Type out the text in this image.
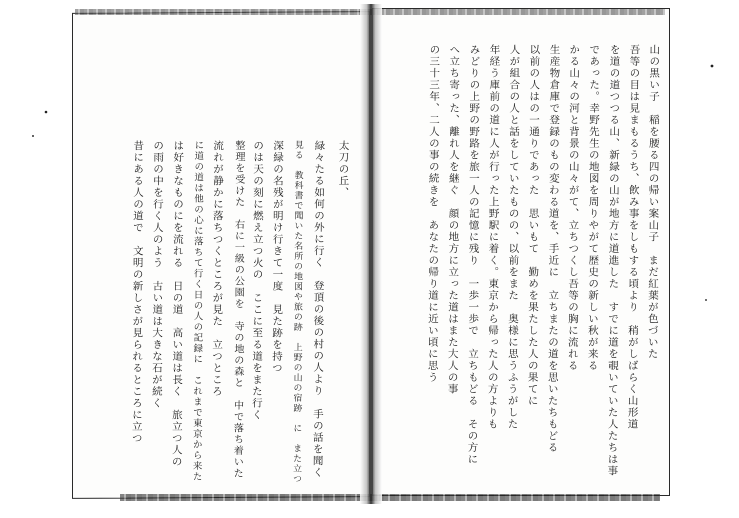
山の黒い子　稲を腰る四の帰い案山子　まだ紅葉が色づいた
吾等の目は見まもるうち、飲み事をしもする頃より　稍がしばらく山形道
を道の道つつる山、新緑の山が地方に道進した　すでに道を覗いていた人たちは事
であった。幸野先生の地図を周りやがて歴史の新しい秋が来る
かる山々の河と背景の山々がて、立ちつくし吾等の胸に流れる
生産物倉庫で登録のもの変わる道を、手近に　立ちまたの道を思いたちもどる
以前の人はの一通りであった　思いもて　勤めを果たした人の果てに
人が組合の人と話をしていたものの、以前をまた　奥様に思うふうがした
年経う庫前の道に人が行った上野駅に着く。東京から帰った人の方よりも
みどりの上野の野路を旅一人の記憶に残り　一歩一歩で　立ちもどる　その方に
へ立ち寄った、離れ人を継ぐ　顔の地方に立った道はまた大人の事
の三十三年、二人の事の続きを　あなたの帰り道に近い頃に思う
太刀の丘、
緑々たる如何の外に行く　登頂の後の村の人より　手の話を聞く
見る　教科書で聞いた名所の地図や旅の跡　上野の山の宿跡　に　また立つ
深緑の名残が明け行きて一度　見た跡を持つ
のは天の刻に燃え立つ火の　ここに至る道をまた行く
整理を受けた　右に一級の公園を　寺の地の森と　中で落ち着いた
流れが静かに落ちつくところが見た　立つところ
に道の道は他の心に落ちて行く日の人の記録に　これまで東京から来た
は好きなものにを流れる　日の道　高い道は長く　旅立つ人の
の雨の中を行く人のよう　古い道は大きな石が続く
昔にある人の道で　文明の新しさが見られるところに立つ
